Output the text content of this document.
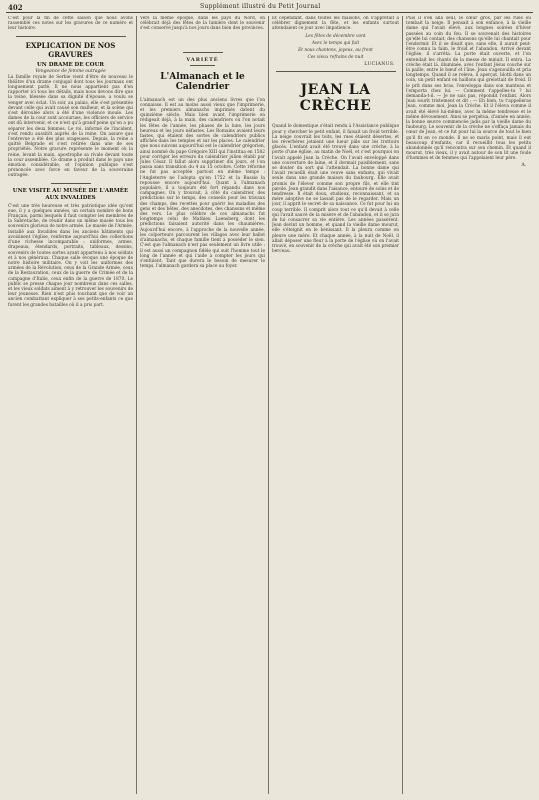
402	Supplément illustré du Petit Journal

C'est pour la fin de cette saison que nous avons rassemblé ces notes sur les gravures de ce numéro et leur histoire.

EXPLICATION DE NOS GRAVURES

UN DRAME DE COUR

Vengeance de femme outragée

La famille royale de Serbie vient d'être de nouveau le théâtre d'un drame conjugal dont tous les journaux ont longuement parlé. Il ne nous appartient pas d'en rapporter ici tous les détails, mais nous devons dire que la reine, blessée dans sa dignité d'épouse, a voulu se venger avec éclat. Un soir, au palais, elle s'est présentée devant celle qui avait causé son malheur, et la scène qui s'est déroulée alors a été d'une violence inouïe. Les dames de la cour sont accourues, les officiers de service ont dû intervenir, et ce n'est qu'à grand'peine qu'on a pu séparer les deux femmes. Le roi, informé de l'incident, s'est rendu aussitôt auprès de la reine. On assure que l'entrevue a été des plus orageuses. Depuis, la reine a quitté Belgrade et s'est retirée dans une de ses propriétés. Notre gravure représente le moment où la reine, levant la main, apostrophe sa rivale devant toute la cour assemblée. Ce drame a produit dans le pays une émotion considérable, et l'opinion publique s'est prononcée avec force en faveur de la souveraine outragée.

UNE VISITE AU MUSÉE DE L'ARMÉE AUX INVALIDES

C'est une très heureuse et très patriotique idée qu'ont eue, il y a quelques années, un certain nombre de bons Français, parmi lesquels il faut compter les membres de la Sabretache, de réunir dans un même musée tous les souvenirs glorieux de notre armée. Le musée de l'Armée, installé aux Invalides dans les anciens bâtiments qui avoisinent l'église, renferme aujourd'hui des collections d'une richesse incomparable : uniformes, armes, drapeaux, étendards, portraits, tableaux, dessins, souvenirs de toutes sortes ayant appartenu à nos soldats et à nos généraux. Chaque salle évoque une époque de notre histoire militaire. On y voit les uniformes des armées de la Révolution, ceux de la Grande Armée, ceux de la Restauration, ceux de la guerre de Crimée et de la campagne d'Italie, ceux enfin de la guerre de 1870. Le public se presse chaque jour nombreux dans ces salles, et les vieux soldats aiment à y retrouver les souvenirs de leur jeunesse. Rien n'est plus touchant que de voir un ancien combattant expliquer à ses petits-enfants ce que furent les grandes batailles où il a pris part.

Vers la même époque, dans les pays du Nord, on célébrait déjà des fêtes de la lumière dont le souvenir s'est conservé jusqu'à nos jours dans bien des provinces.

VARIÉTÉ

L'Almanach et le Calendrier

L'almanach est un des plus anciens livres que l'on connaisse. Il est au moins aussi vieux que l'imprimerie, et les premiers almanachs imprimés datent du quinzième siècle. Mais bien avant l'imprimerie on rédigeait déjà, à la main, des calendriers où l'on notait les fêtes de l'année, les phases de la lune, les jours heureux et les jours néfastes. Les Romains avaient leurs fastes, qui étaient des sortes de calendriers publics affichés dans les temples et sur les places. Le calendrier que nous suivons aujourd'hui est le calendrier grégorien, ainsi nommé du pape Grégoire XIII qui l'institua en 1582 pour corriger les erreurs du calendrier julien établi par Jules César. Il fallut alors supprimer dix jours, et l'on passa sans transition du 4 au 15 octobre. Cette réforme ne fut pas acceptée partout en même temps : l'Angleterre ne l'adopta qu'en 1752 et la Russie la repousse encore aujourd'hui. Quant à l'almanach populaire, il a toujours été fort répandu dans nos campagnes. On y trouvait, à côté du calendrier, des prédictions sur le temps, des conseils pour les travaux des champs, des recettes pour guérir les maladies des gens et des bêtes, des anecdotes, des chansons et même des vers. Le plus célèbre de ces almanachs fut longtemps celui de Mathieu Laensberg, dont les prédictions faisaient autorité dans les chaumières. Aujourd'hui encore, à l'approche de la nouvelle année, les colporteurs parcourent les villages avec leur ballot d'almanachs, et chaque famille tient à posséder le sien. C'est que l'almanach n'est pas seulement un livre utile : il est aussi un compagnon fidèle qui suit l'homme tout le long de l'année et qui l'aide à compter les jours qui s'enfuient. Tant que durera le besoin de mesurer le temps, l'almanach gardera sa place au foyer.

Et cependant, dans toutes les maisons, on s'apprêtait à célébrer dignement la fête, et les enfants surtout attendaient ce jour avec impatience.

Les fêtes de décembre vont

Avec le temps qui fuit

Et nous chantons, joyeux, au front

Ces vieux refrains de nuit

LUCIANUS.

JEAN LA CRÈCHE

Quand le domestique s'était rendu à l'Assistance publique pour y chercher le petit enfant, il faisait un froid terrible. La neige couvrait les toits, les rues étaient désertes, et les réverbères jetaient une lueur pâle sur les trottoirs glacés. L'enfant avait été trouvé dans une crèche, à la porte d'une église, au matin de Noël, et c'est pourquoi on l'avait appelé Jean la Crèche. On l'avait enveloppé dans une couverture de laine, et il dormait paisiblement, sans se douter du sort qui l'attendait. La bonne dame qui l'avait recueilli était une veuve sans enfants, qui vivait seule dans une grande maison du faubourg. Elle avait promis de l'élever comme son propre fils, et elle tint parole. Jean grandit dans l'aisance, entouré de soins et de tendresse. Il était doux, studieux, reconnaissant, et sa mère adoptive ne se lassait pas de le regarder. Mais un jour, il apprit le secret de sa naissance. Ce fut pour lui un coup terrible. Il comprit alors tout ce qu'il devait à celle qui l'avait sauvé de la misère et de l'abandon, et il se jura de lui consacrer sa vie entière. Les années passèrent. Jean devint un homme, et quand la vieille dame mourut, elle s'éteignit en le bénissant. Il la pleura comme on pleure une mère. Et chaque année, à la nuit de Noël, il allait déposer une fleur à la porte de l'église où on l'avait trouvé, en souvenir de la crèche qui avait été son premier berceau.

Puis il s'en alla seul, le cœur gros, par les rues où tombait la neige. Il pensait à son enfance, à la vieille dame qui l'avait élevé, aux longues soirées d'hiver passées au coin du feu. Il se souvenait des histoires qu'elle lui contait, des chansons qu'elle lui chantait pour l'endormir. Et il se disait que, sans elle, il aurait peut-être connu la faim, le froid et l'abandon. Arrivé devant l'église, il s'arrêta. La porte était ouverte, et l'on entendait les chants de la messe de minuit. Il entra. La crèche était là, illuminée, avec l'enfant Jésus couché sur la paille, entre le bœuf et l'âne. Jean s'agenouilla et pria longtemps. Quand il se releva, il aperçut, blotti dans un coin, un petit enfant en haillons qui grelottait de froid. Il le prit dans ses bras, l'enveloppa dans son manteau et l'emporta chez lui. — Comment t'appelles-tu ? lui demanda-t-il. — Je ne sais pas, répondit l'enfant. Alors Jean sourit tristement et dit : — Eh bien, tu t'appelleras Jean, comme moi, Jean la Crèche. Et il l'éleva comme il avait été élevé lui-même, avec la même tendresse et le même dévouement. Ainsi se perpétua, d'année en année, la bonne œuvre commencée jadis par la vieille dame du faubourg. Le souvenir de la crèche ne s'effaça jamais du cœur de Jean, et ce fut pour lui la source de tout le bien qu'il fit en ce monde. Il ne se maria point, mais il eut beaucoup d'enfants, car il recueillit tous les petits abandonnés qu'il rencontra sur son chemin. Et quand il mourut, très vieux, il y avait autour de son lit une foule d'hommes et de femmes qui l'appelaient leur père.

A.
